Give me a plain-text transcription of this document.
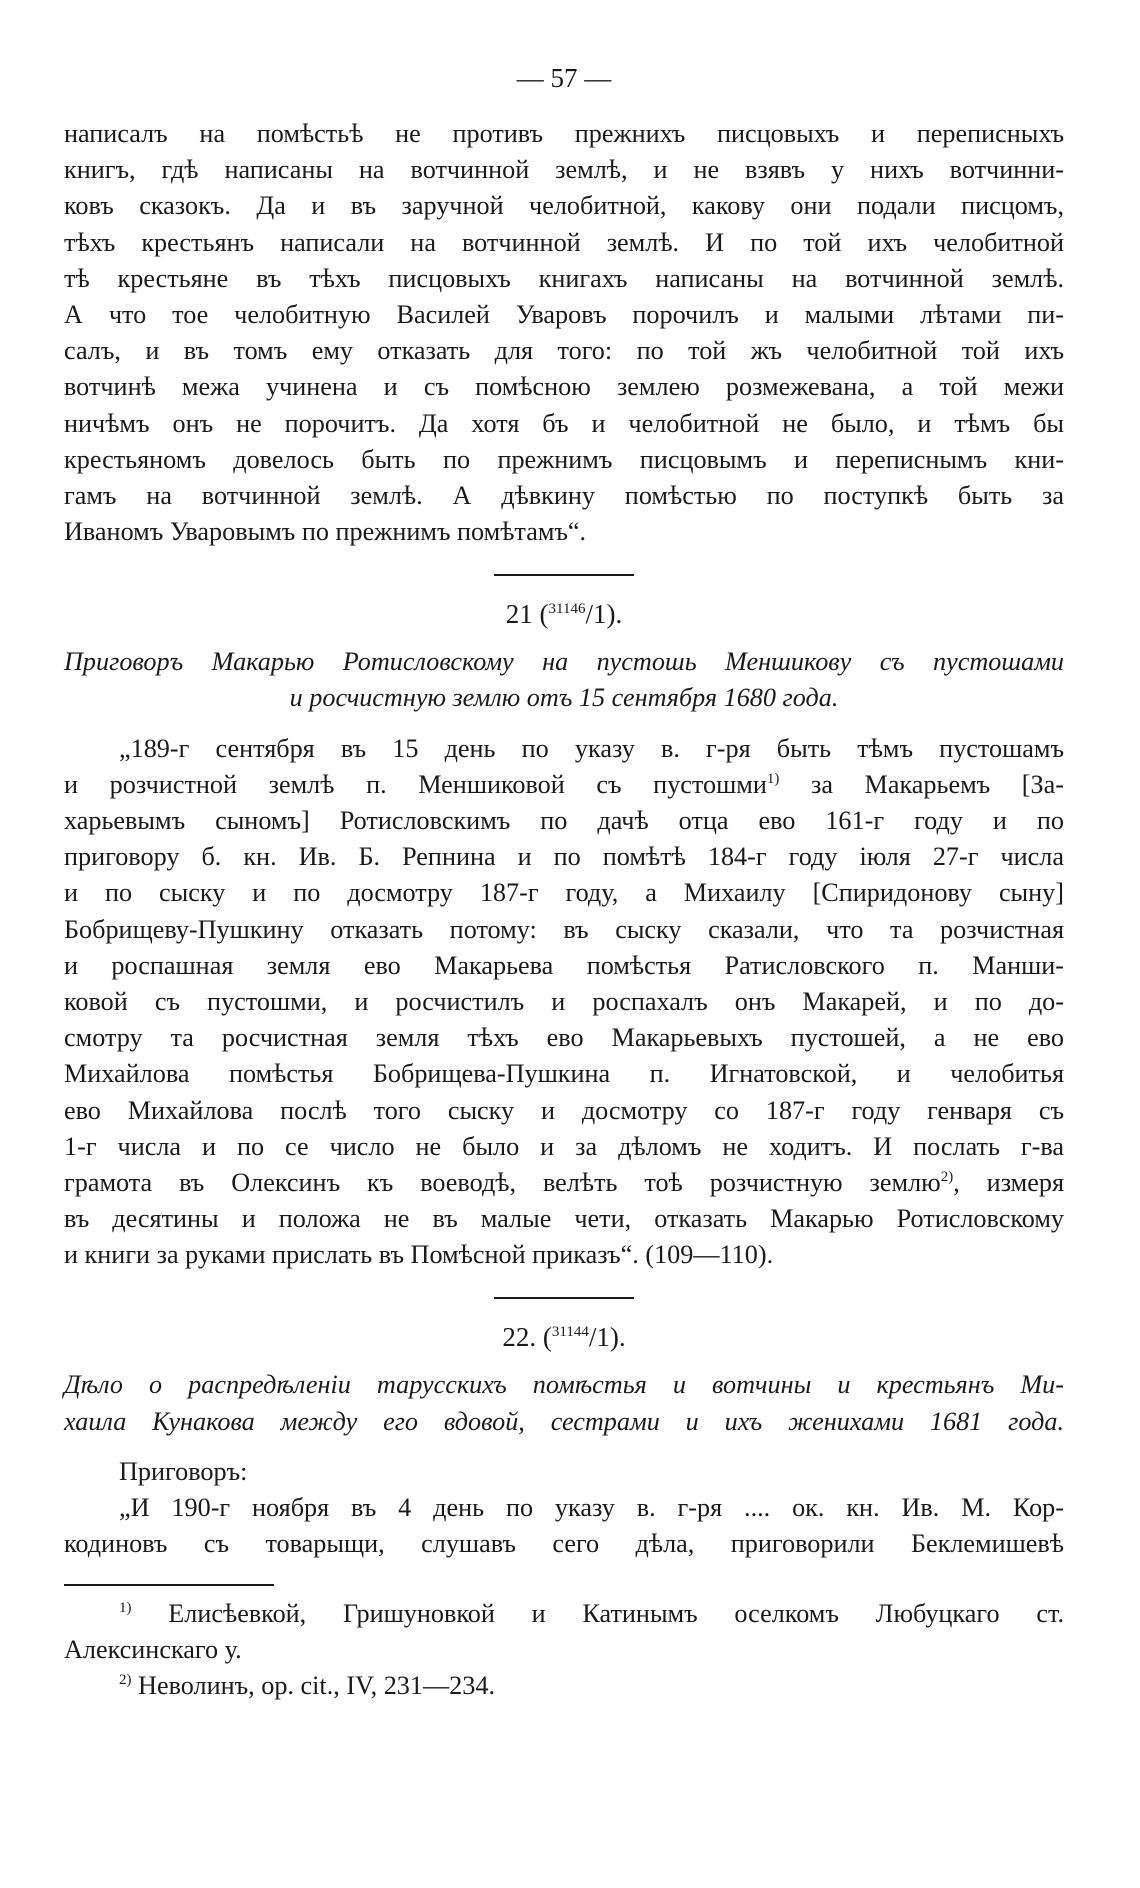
— 57 —
написалъ на помѣстьѣ не противъ прежнихъ писцовыхъ и переписныхъ
книгъ, гдѣ написаны на вотчинной землѣ, и не взявъ у нихъ вотчинни-
ковъ сказокъ. Да и въ заручной челобитной, какову они подали писцомъ,
тѣхъ крестьянъ написали на вотчинной землѣ. И по той ихъ челобитной
тѣ крестьяне въ тѣхъ писцовыхъ книгахъ написаны на вотчинной землѣ.
А что тое челобитную Василей Уваровъ порочилъ и малыми лѣтами пи-
салъ, и въ томъ ему отказать для того: по той жъ челобитной той ихъ
вотчинѣ межа учинена и съ помѣсною землею розмежевана, а той межи
ничѣмъ онъ не порочитъ. Да хотя бъ и челобитной не было, и тѣмъ бы
крестьяномъ довелось быть по прежнимъ писцовымъ и переписнымъ кни-
гамъ на вотчинной землѣ. А дѣвкину помѣстью по поступкѣ быть за
Иваномъ Уваровымъ по прежнимъ помѣтамъ“.
21 ($^{31146}$/1).
Приговоръ Макарью Ротисловскому на пустошь Меншикову съ пустошами
и росчистную землю отъ 15 сентября 1680 года.
„189-г сентября въ 15 день по указу в. г-ря быть тѣмъ пустошамъ
и розчистной землѣ п. Меншиковой съ пустошми$^{1)}$ за Макарьемъ [За-
харьевымъ сыномъ] Ротисловскимъ по дачѣ отца ево 161-г году и по
приговору б. кн. Ив. Б. Репнина и по помѣтѣ 184-г году іюля 27-г числа
и по сыску и по досмотру 187-г году, а Михаилу [Спиридонову сыну]
Бобрищеву-Пушкину отказать потому: въ сыску сказали, что та розчистная
и роспашная земля ево Макарьева помѣстья Ратисловского п. Манши-
ковой съ пустошми, и росчистилъ и роспахалъ онъ Макарей, и по до-
смотру та росчистная земля тѣхъ ево Макарьевыхъ пустошей, а не ево
Михайлова помѣстья Бобрищева-Пушкина п. Игнатовской, и челобитья
ево Михайлова послѣ того сыску и досмотру со 187-г году генваря съ
1-г числа и по се число не было и за дѣломъ не ходитъ. И послать г-ва
грамота въ Олексинъ къ воеводѣ, велѣть тоѣ розчистную землю$^{2)}$, измеря
въ десятины и положа не въ малые чети, отказать Макарью Ротисловскому
и книги за руками прислать въ Помѣсной приказъ“. (109—110).
22. ($^{31144}$/1).
Дѣло о распредѣленіи тарусскихъ помѣстья и вотчины и крестьянъ Ми-
хаила Кунакова между его вдовой, сестрами и ихъ женихами 1681 года.
Приговоръ:
„И 190-г ноября въ 4 день по указу в. г-ря .... ок. кн. Ив. М. Кор-
кодиновъ съ товарыщи, слушавъ сего дѣла, приговорили Беклемишевѣ
$^{1)}$ Елисѣевкой, Гришуновкой и Катинымъ оселкомъ Любуцкаго ст.
Алексинскаго у.
$^{2)}$ Неволинъ, op. cit., IV, 231—234.
